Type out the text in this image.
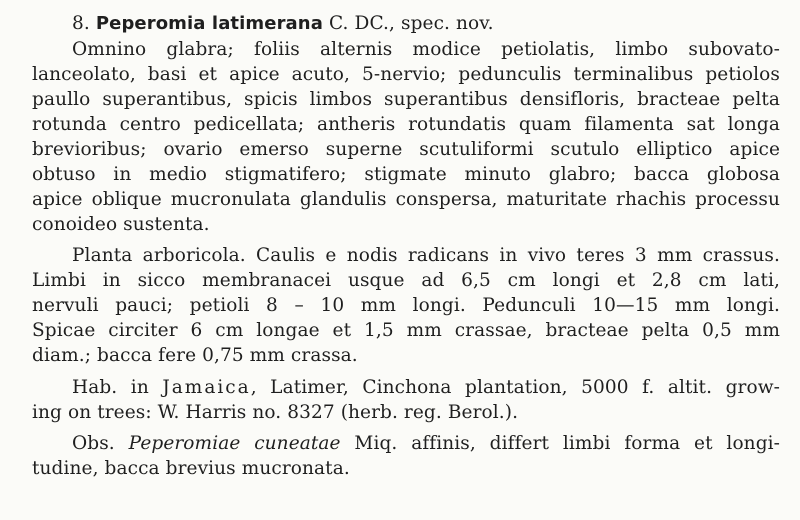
8. Peperomia latimerana C. DC., spec. nov.
Omnino glabra; foliis alternis modice petiolatis, limbo subovato-
lanceolato, basi et apice acuto, 5-nervio; pedunculis terminalibus petiolos
paullo superantibus, spicis limbos superantibus densifloris, bracteae pelta
rotunda centro pedicellata; antheris rotundatis quam filamenta sat longa
brevioribus; ovario emerso superne scutuliformi scutulo elliptico apice
obtuso in medio stigmatifero; stigmate minuto glabro; bacca globosa
apice oblique mucronulata glandulis conspersa, maturitate rhachis processu
conoideo sustenta.
Planta arboricola. Caulis e nodis radicans in vivo teres 3 mm crassus.
Limbi in sicco membranacei usque ad 6,5 cm longi et 2,8 cm lati,
nervuli pauci; petioli 8 – 10 mm longi. Pedunculi 10—15 mm longi.
Spicae circiter 6 cm longae et 1,5 mm crassae, bracteae pelta 0,5 mm
diam.; bacca fere 0,75 mm crassa.
Hab. in Jamaica, Latimer, Cinchona plantation, 5000 f. altit. grow-
ing on trees: W. Harris no. 8327 (herb. reg. Berol.).
Obs. Peperomiae cuneatae Miq. affinis, differt limbi forma et longi-
tudine, bacca brevius mucronata.
